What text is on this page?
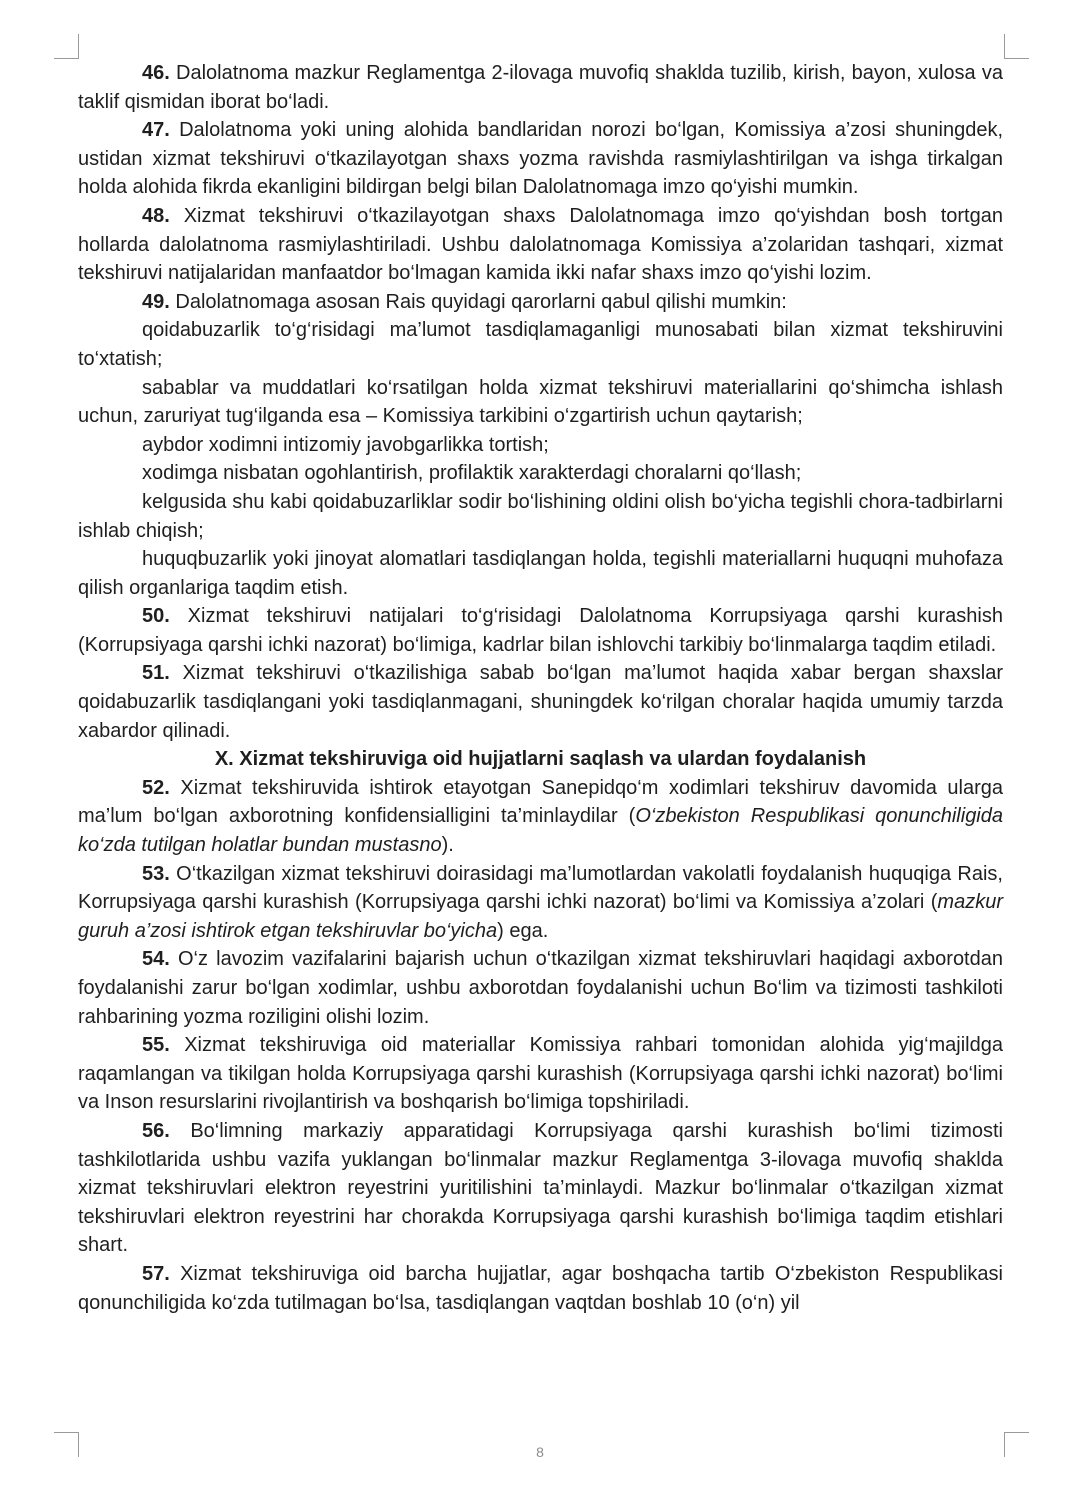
46. Dalolatnoma mazkur Reglamentga 2-ilovaga muvofiq shaklda tuzilib, kirish, bayon, xulosa va taklif qismidan iborat bo‘ladi.

47. Dalolatnoma yoki uning alohida bandlaridan norozi bo‘lgan, Komissiya a’zosi shuningdek, ustidan xizmat tekshiruvi o‘tkazilayotgan shaxs yozma ravishda rasmiylashtirilgan va ishga tirkalgan holda alohida fikrda ekanligini bildirgan belgi bilan Dalolatnomaga imzo qo‘yishi mumkin.

48. Xizmat tekshiruvi o‘tkazilayotgan shaxs Dalolatnomaga imzo qo‘yishdan bosh tortgan hollarda dalolatnoma rasmiylashtiriladi. Ushbu dalolatnomaga Komissiya a’zolaridan tashqari, xizmat tekshiruvi natijalaridan manfaatdor bo‘lmagan kamida ikki nafar shaxs imzo qo‘yishi lozim.

49. Dalolatnomaga asosan Rais quyidagi qarorlarni qabul qilishi mumkin:

qoidabuzarlik to‘g‘risidagi ma’lumot tasdiqlamaganligi munosabati bilan xizmat tekshiruvini to‘xtatish;

sabablar va muddatlari ko‘rsatilgan holda xizmat tekshiruvi materiallarini qo‘shimcha ishlash uchun, zaruriyat tug‘ilganda esa – Komissiya tarkibini o‘zgartirish uchun qaytarish;

aybdor xodimni intizomiy javobgarlikka tortish;

xodimga nisbatan ogohlantirish, profilaktik xarakterdagi choralarni qo‘llash;

kelgusida shu kabi qoidabuzarliklar sodir bo‘lishining oldini olish bo‘yicha tegishli chora-tadbirlarni ishlab chiqish;

huquqbuzarlik yoki jinoyat alomatlari tasdiqlangan holda, tegishli materiallarni huquqni muhofaza qilish organlariga taqdim etish.

50. Xizmat tekshiruvi natijalari to‘g‘risidagi Dalolatnoma Korrupsiyaga qarshi kurashish (Korrupsiyaga qarshi ichki nazorat) bo‘limiga, kadrlar bilan ishlovchi tarkibiy bo‘linmalarga taqdim etiladi.

51. Xizmat tekshiruvi o‘tkazilishiga sabab bo‘lgan ma’lumot haqida xabar bergan shaxslar qoidabuzarlik tasdiqlangani yoki tasdiqlanmagani, shuningdek ko‘rilgan choralar haqida umumiy tarzda xabardor qilinadi.

X. Xizmat tekshiruviga oid hujjatlarni saqlash va ulardan foydalanish

52. Xizmat tekshiruvida ishtirok etayotgan Sanepidqo‘m xodimlari tekshiruv davomida ularga ma’lum bo‘lgan axborotning konfidensialligini ta’minlaydilar (O‘zbekiston Respublikasi qonunchiligida ko‘zda tutilgan holatlar bundan mustasno).

53. O‘tkazilgan xizmat tekshiruvi doirasidagi ma’lumotlardan vakolatli foydalanish huquqiga Rais, Korrupsiyaga qarshi kurashish (Korrupsiyaga qarshi ichki nazorat) bo‘limi va Komissiya a’zolari (mazkur guruh a’zosi ishtirok etgan tekshiruvlar bo‘yicha) ega.

54. O‘z lavozim vazifalarini bajarish uchun o‘tkazilgan xizmat tekshiruvlari haqidagi axborotdan foydalanishi zarur bo‘lgan xodimlar, ushbu axborotdan foydalanishi uchun Bo‘lim va tizimosti tashkiloti rahbarining yozma roziligini olishi lozim.

55. Xizmat tekshiruviga oid materiallar Komissiya rahbari tomonidan alohida yig‘majildga raqamlangan va tikilgan holda Korrupsiyaga qarshi kurashish (Korrupsiyaga qarshi ichki nazorat) bo‘limi va Inson resurslarini rivojlantirish va boshqarish bo‘limiga topshiriladi.

56. Bo‘limning markaziy apparatidagi Korrupsiyaga qarshi kurashish bo‘limi tizimosti tashkilotlarida ushbu vazifa yuklangan bo‘linmalar mazkur Reglamentga 3-ilovaga muvofiq shaklda xizmat tekshiruvlari elektron reyestrini yuritilishini ta’minlaydi. Mazkur bo‘linmalar o‘tkazilgan xizmat tekshiruvlari elektron reyestrini har chorakda Korrupsiyaga qarshi kurashish bo‘limiga taqdim etishlari shart.

57. Xizmat tekshiruviga oid barcha hujjatlar, agar boshqacha tartib O‘zbekiston Respublikasi qonunchiligida ko‘zda tutilmagan bo‘lsa, tasdiqlangan vaqtdan boshlab 10 (o‘n) yil

8
